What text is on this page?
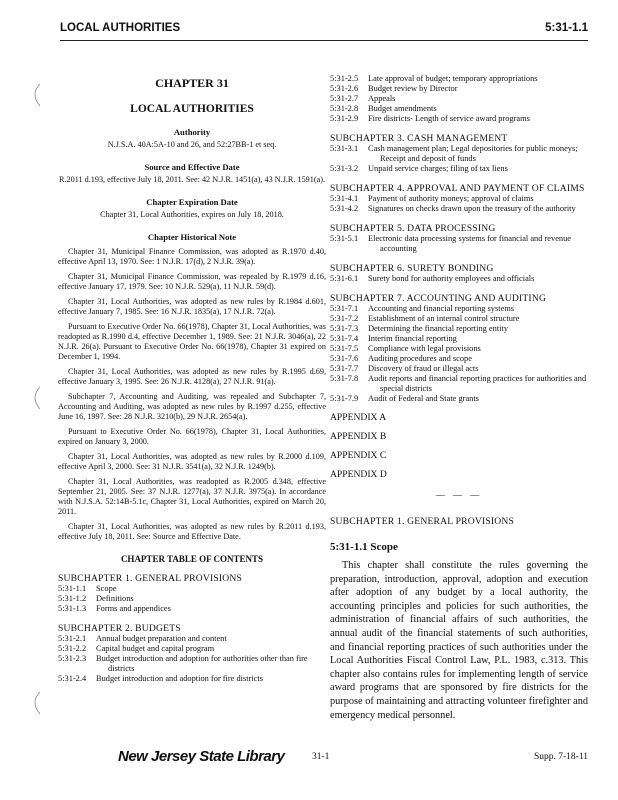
LOCAL AUTHORITIES	5:31-1.1
CHAPTER 31
LOCAL AUTHORITIES
Authority
N.J.S.A. 40A:5A-10 and 26, and 52:27BB-1 et seq.
Source and Effective Date
R.2011 d.193, effective July 18, 2011. See: 42 N.J.R. 1451(a), 43 N.J.R. 1591(a).
Chapter Expiration Date
Chapter 31, Local Authorities, expires on July 18, 2018.
Chapter Historical Note
Chapter 31, Municipal Finance Commission, was adopted as R.1970 d.40, effective April 13, 1970. See: 1 N.J.R. 17(d), 2 N.J.R. 39(a).
Chapter 31, Municipal Finance Commission, was repealed by R.1979 d.16, effective January 17, 1979. See: 10 N.J.R. 529(a), 11 N.J.R. 59(d).
Chapter 31, Local Authorities, was adopted as new rules by R.1984 d.601, effective January 7, 1985. See: 16 N.J.R. 1835(a), 17 N.J.R. 72(a).
Pursuant to Executive Order No. 66(1978), Chapter 31, Local Authorities, was readopted as R.1990 d.4, effective December 1, 1989. See: 21 N.J.R. 3046(a), 22 N.J.R. 26(a). Pursuant to Executive Order No. 66(1978), Chapter 31 expired on December 1, 1994.
Chapter 31, Local Authorities, was adopted as new rules by R.1995 d.69, effective January 3, 1995. See: 26 N.J.R. 4128(a), 27 N.J.R. 91(a).
Subchapter 7, Accounting and Auditing, was repealed and Subchapter 7, Accounting and Auditing, was adopted as new rules by R.1997 d.255, effective June 16, 1997. See: 28 N.J.R. 3210(b), 29 N.J.R. 2654(a).
Pursuant to Executive Order No. 66(1978), Chapter 31, Local Authorities, expired on January 3, 2000.
Chapter 31, Local Authorities, was adopted as new rules by R.2000 d.109, effective April 3, 2000. See: 31 N.J.R. 3541(a), 32 N.J.R. 1249(b).
Chapter 31, Local Authorities, was readopted as R.2005 d.348, effective September 21, 2005. See: 37 N.J.R. 1277(a), 37 N.J.R. 3975(a). In accordance with N.J.S.A. 52:14B-5.1c, Chapter 31, Local Authorities, expired on March 20, 2011.
Chapter 31, Local Authorities, was adopted as new rules by R.2011 d.193, effective July 18, 2011. See: Source and Effective Date.
CHAPTER TABLE OF CONTENTS
SUBCHAPTER 1. GENERAL PROVISIONS
5:31-1.1	Scope
5:31-1.2	Definitions
5:31-1.3	Forms and appendices
SUBCHAPTER 2. BUDGETS
5:31-2.1	Annual budget preparation and content
5:31-2.2	Capital budget and capital program
5:31-2.3	Budget introduction and adoption for authorities other than fire districts
5:31-2.4	Budget introduction and adoption for fire districts
5:31-2.5	Late approval of budget; temporary appropriations
5:31-2.6	Budget review by Director
5:31-2.7	Appeals
5:31-2.8	Budget amendments
5:31-2.9	Fire districts- Length of service award programs
SUBCHAPTER 3. CASH MANAGEMENT
5:31-3.1	Cash management plan; Legal depositories for public moneys; Receipt and deposit of funds
5:31-3.2	Unpaid service charges; filing of tax liens
SUBCHAPTER 4. APPROVAL AND PAYMENT OF CLAIMS
5:31-4.1	Payment of authority moneys; approval of claims
5:31-4.2	Signatures on checks drawn upon the treasury of the authority
SUBCHAPTER 5. DATA PROCESSING
5:31-5.1	Electronic data processing systems for financial and revenue accounting
SUBCHAPTER 6. SURETY BONDING
5:31-6.1	Surety bond for authority employees and officials
SUBCHAPTER 7. ACCOUNTING AND AUDITING
5:31-7.1	Accounting and financial reporting systems
5:31-7.2	Establishment of an internal control structure
5:31-7.3	Determining the financial reporting entity
5:31-7.4	Interim financial reporting
5:31-7.5	Compliance with legal provisions
5:31-7.6	Auditing procedures and scope
5:31-7.7	Discovery of fraud or illegal acts
5:31-7.8	Audit reports and financial reporting practices for authorities and special districts
5:31-7.9	Audit of Federal and State grants
APPENDIX A
APPENDIX B
APPENDIX C
APPENDIX D
— — —
SUBCHAPTER 1. GENERAL PROVISIONS
5:31-1.1 Scope
This chapter shall constitute the rules governing the preparation, introduction, approval, adoption and execution after adoption of any budget by a local authority, the accounting principles and policies for such authorities, the administration of financial affairs of such authorities, the annual audit of the financial statements of such authorities, and financial reporting practices of such authorities under the Local Authorities Fiscal Control Law, P.L. 1983, c.313. This chapter also contains rules for implementing length of service award programs that are sponsored by fire districts for the purpose of maintaining and attracting volunteer firefighter and emergency medical personnel.
New Jersey State Library	31-1	Supp. 7-18-11
